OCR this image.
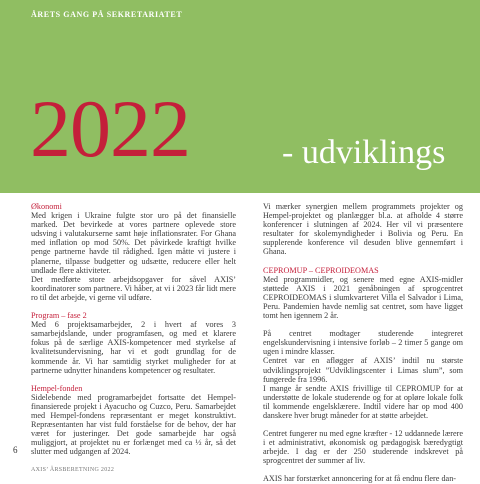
ÅRETS GANG PÅ SEKRETARIATET
2022	- udviklings
Økonomi

Med krigen i Ukraine fulgte stor uro på det finansielle marked. Det bevirkede at vores partnere oplevede store udsving i valutakurserne samt høje inflationsrater. For Ghana med inflation op mod 50%. Det påvirkede kraftigt hvilke penge partnerne havde til rådighed. Igen måtte vi justere i planerne, tilpasse budgetter og udsætte, reducere eller helt undlade flere aktiviteter.

Det medførte store arbejdsopgaver for såvel AXIS’ koordinatorer som partnere. Vi håber, at vi i 2023 får lidt mere ro til det arbejde, vi gerne vil udføre.

Program – fase 2

Med 6 projektsamarbejder, 2 i hvert af vores 3 samarbejdslande, under programfasen, og med et klarere fokus på de særlige AXIS-kompetencer med styrkelse af kvalitetsundervisning, har vi et godt grundlag for de kommende år. Vi har samtidig styrket muligheder for at partnerne udnytter hinandens kompetencer og resultater.

Hempel-fonden

Sidelebende med programarbejdet fortsatte det Hempel-finansierede projekt i Ayacucho og Cuzco, Peru. Samarbejdet med Hempel-fondens repræsentant er meget konstruktivt. Repræsentanten har vist fuld forståelse for de behov, der har været for justeringer. Det gode samarbejde har også muliggjort, at projektet nu er forlænget med ca ½ år, så det slutter med udgangen af 2024.

Vi mærker synergien mellem programmets projekter og Hempel-projektet og planlægger bl.a. at afholde 4 større konferencer i slutningen af 2024. Her vil vi præsentere resultater for skolemyndigheder i Bolivia og Peru. En supplerende konference vil desuden blive gennemført i Ghana.

CEPROMUP – CEPROIDEOMAS

Med programmidler, og senere med egne AXIS-midler støttede AXIS i 2021 genåbningen af sprogcentret CEPROIDEOMAS i slumkvarteret Villa el Salvador i Lima, Peru. Pandemien havde nemlig sat centret, som have ligget tomt hen igennem 2 år.

På centret modtager studerende integreret engelskundervisning i intensive forløb – 2 timer 5 gange om ugen i mindre klasser.

Centret var en afløgger af AXIS’ indtil nu største udviklingsprojekt ”Udviklingscenter i Limas slum”, som fungerede fra 1996.

I mange år sendte AXIS frivillige til CEPROMUP for at understøtte de lokale studerende og for at opløre lokale folk til kommende engelsklærere. Indtil videre har op mod 400 danskere hver brugt måneder for at støtte arbejdet.

Centret fungerer nu med egne kræfter - 12 uddannede lærere i et administrativt, økonomisk og pædagogisk bæredygtigt arbejde. I dag er der 250 studerende indskrevet på sprogcentret der summer af liv.

AXIS har forstærket annoncering for at få endnu flere dan-

6
AXIS’ ÅRSBERETNING 2022
